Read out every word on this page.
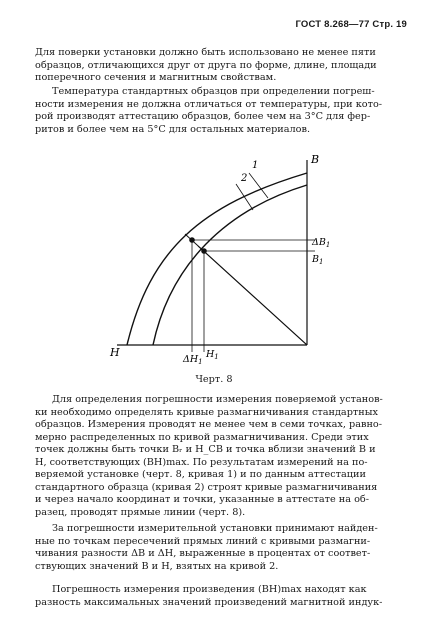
ГОСТ 8.268—77 Стр. 19

Для поверки установки должно быть использовано не менее пяти
образцов, отличающихся друг от друга по форме, длине, площади
поперечного сечения и магнитным свойствам.

Температура стандартных образцов при определении погреш-
ности измерения не должна отличаться от температуры, при кото-
рой производят аттестацию образцов, более чем на 3°С для фер-
ритов и более чем на 5°С для остальных материалов.

B
H
1
2
$\Delta B_1$
$B_1$
$\Delta H_1$
$H_1$
Черт. 8

Для определения погрешности измерения поверяемой установ-
ки необходимо определять кривые размагничивания стандартных
образцов. Измерения проводят не менее чем в семи точках, равно-
мерно распределенных по кривой размагничивания. Среди этих
точек должны быть точки Bᵣ и H_CB и точка вблизи значений B и
H, соответствующих (BH)max. По результатам измерений на по-
веряемой установке (черт. 8, кривая 1) и по данным аттестации
стандартного образца (кривая 2) строят кривые размагничивания
и через начало координат и точки, указанные в аттестате на об-
разец, проводят прямые линии (черт. 8).

За погрешности измерительной установки принимают найден-
ные по точкам пересечений прямых линий с кривыми размагни-
чивания разности ΔB и ΔH, выраженные в процентах от соответ-
ствующих значений B и H, взятых на кривой 2.

Погрешность измерения произведения (BH)max находят как
разность максимальных значений произведений магнитной индук-
